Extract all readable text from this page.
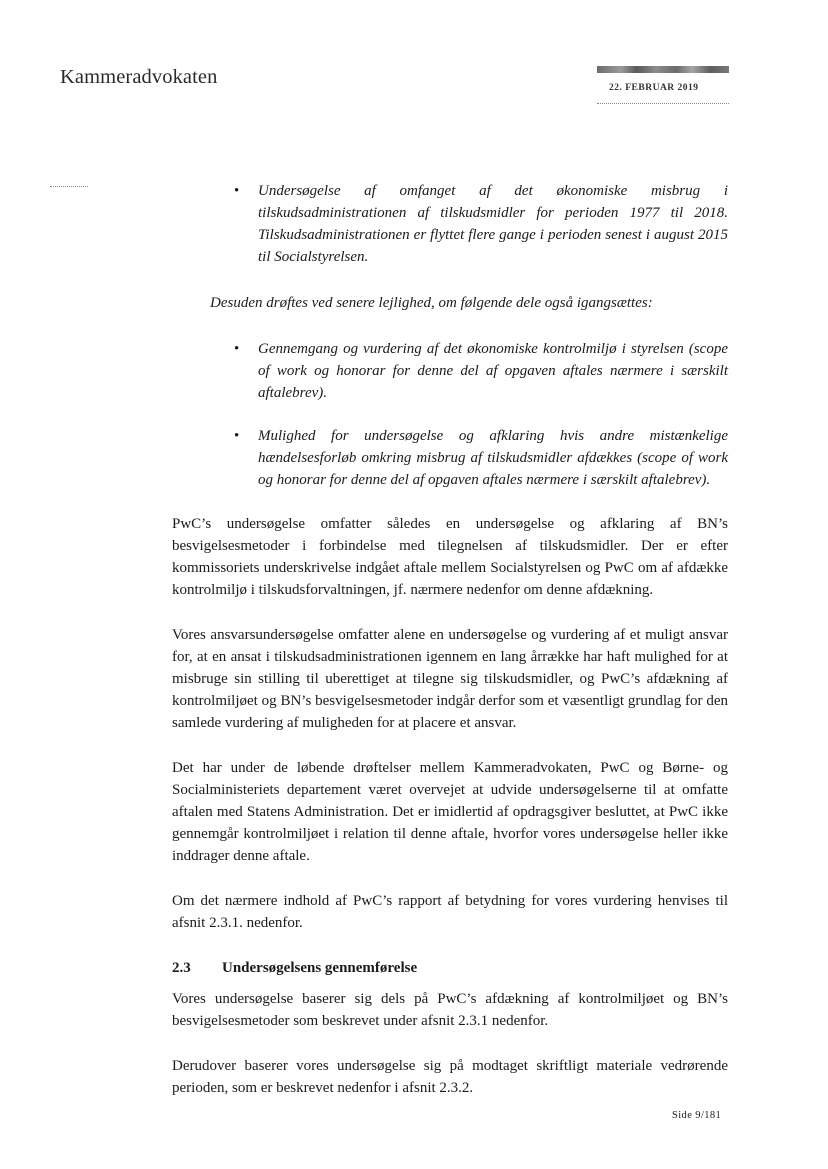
Kammeradvokaten	22. FEBRUAR 2019

• Undersøgelse af omfanget af det økonomiske misbrug i tilskudsadministrationen af tilskudsmidler for perioden 1977 til 2018. Tilskudsadministrationen er flyttet flere gange i perioden senest i august 2015 til Socialstyrelsen.

Desuden drøftes ved senere lejlighed, om følgende dele også igangsættes:

• Gennemgang og vurdering af det økonomiske kontrolmiljø i styrelsen (scope of work og honorar for denne del af opgaven aftales nærmere i særskilt aftalebrev).

• Mulighed for undersøgelse og afklaring hvis andre mistænkelige hændelsesforløb omkring misbrug af tilskudsmidler afdækkes (scope of work og honorar for denne del af opgaven aftales nærmere i særskilt aftalebrev).

PwC’s undersøgelse omfatter således en undersøgelse og afklaring af BN’s besvigelsesmetoder i forbindelse med tilegnelsen af tilskudsmidler. Der er efter kommissoriets underskrivelse indgået aftale mellem Socialstyrelsen og PwC om af afdække kontrolmiljø i tilskudsforvaltningen, jf. nærmere nedenfor om denne afdækning.

Vores ansvarsundersøgelse omfatter alene en undersøgelse og vurdering af et muligt ansvar for, at en ansat i tilskudsadministrationen igennem en lang årrække har haft mulighed for at misbruge sin stilling til uberettiget at tilegne sig tilskudsmidler, og PwC’s afdækning af kontrolmiljøet og BN’s besvigelsesmetoder indgår derfor som et væsentligt grundlag for den samlede vurdering af muligheden for at placere et ansvar.

Det har under de løbende drøftelser mellem Kammeradvokaten, PwC og Børne- og Socialministeriets departement været overvejet at udvide undersøgelserne til at omfatte aftalen med Statens Administration. Det er imidlertid af opdragsgiver besluttet, at PwC ikke gennemgår kontrolmiljøet i relation til denne aftale, hvorfor vores undersøgelse heller ikke inddrager denne aftale.

Om det nærmere indhold af PwC’s rapport af betydning for vores vurdering henvises til afsnit 2.3.1. nedenfor.

2.3 Undersøgelsens gennemførelse

Vores undersøgelse baserer sig dels på PwC’s afdækning af kontrolmiljøet og BN’s besvigelsesmetoder som beskrevet under afsnit 2.3.1 nedenfor.

Derudover baserer vores undersøgelse sig på modtaget skriftligt materiale vedrørende perioden, som er beskrevet nedenfor i afsnit 2.3.2.

Side 9/181
